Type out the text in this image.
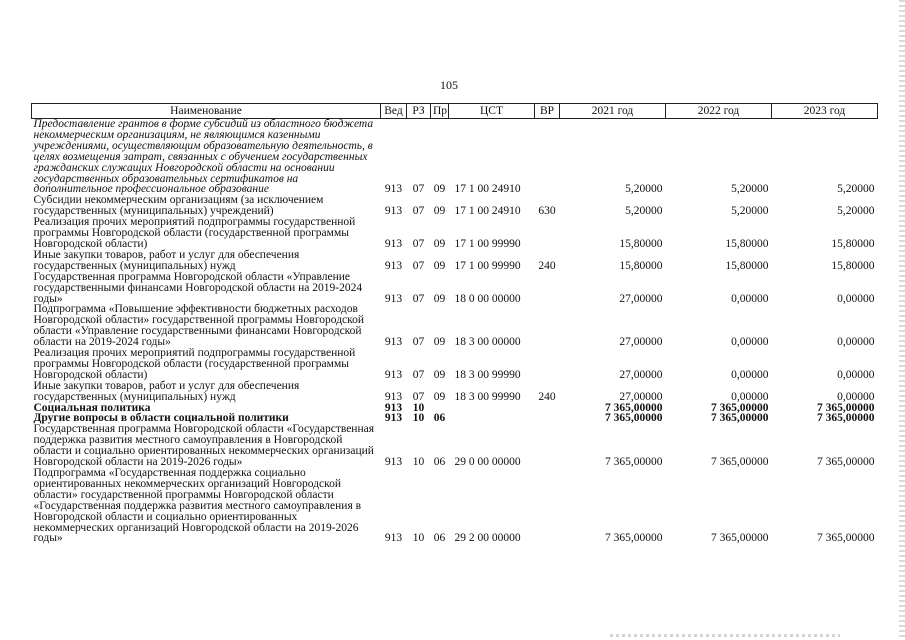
105
Наименование	Вед	РЗ	Пр	ЦСТ	ВР	2021 год	2022 год	2023 год
Предоставление грантов в форме субсидий из областного бюджета некоммерческим организациям, не являющимся казенными учреждениями, осуществляющим образовательную деятельность, в целях возмещения затрат, связанных с обучением государственных гражданских служащих Новгородской области на основании государственных образовательных сертификатов на дополнительное профессиональное образование	913	07	09	17 1 00 24910		5,20000	5,20000	5,20000
Субсидии некоммерческим организациям (за исключением государственных (муниципальных) учреждений)	913	07	09	17 1 00 24910	630	5,20000	5,20000	5,20000
Реализация прочих мероприятий подпрограммы государственной программы Новгородской области (государственной программы Новгородской области)	913	07	09	17 1 00 99990		15,80000	15,80000	15,80000
Иные закупки товаров, работ и услуг для обеспечения государственных (муниципальных) нужд	913	07	09	17 1 00 99990	240	15,80000	15,80000	15,80000
Государственная программа Новгородской области «Управление государственными финансами Новгородской области на 2019-2024 годы»	913	07	09	18 0 00 00000		27,00000	0,00000	0,00000
Подпрограмма «Повышение эффективности бюджетных расходов Новгородской области» государственной программы Новгородской области «Управление государственными финансами Новгородской области на 2019-2024 годы»	913	07	09	18 3 00 00000		27,00000	0,00000	0,00000
Реализация прочих мероприятий подпрограммы государственной программы Новгородской области (государственной программы Новгородской области)	913	07	09	18 3 00 99990		27,00000	0,00000	0,00000
Иные закупки товаров, работ и услуг для обеспечения государственных (муниципальных) нужд	913	07	09	18 3 00 99990	240	27,00000	0,00000	0,00000
Социальная политика	913	10				7 365,00000	7 365,00000	7 365,00000
Другие вопросы в области социальной политики	913	10	06			7 365,00000	7 365,00000	7 365,00000
Государственная программа Новгородской области «Государственная поддержка развития местного самоуправления в Новгородской области и социально ориентированных некоммерческих организаций Новгородской области на 2019-2026 годы»	913	10	06	29 0 00 00000		7 365,00000	7 365,00000	7 365,00000
Подпрограмма «Государственная поддержка социально ориентированных некоммерческих организаций Новгородской области» государственной программы Новгородской области «Государственная поддержка развития местного самоуправления в Новгородской области и социально ориентированных некоммерческих организаций Новгородской области на 2019-2026 годы»	913	10	06	29 2 00 00000		7 365,00000	7 365,00000	7 365,00000
